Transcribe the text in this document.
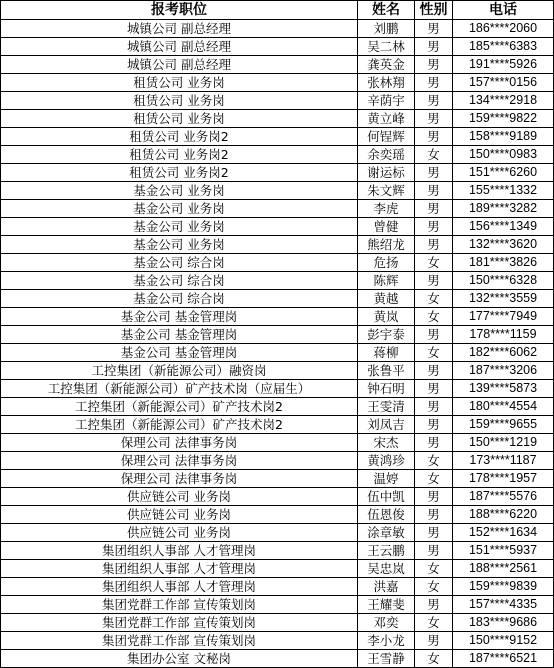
报考职位	姓名	性别	电话
城镇公司 副总经理	刘鹏	男	186****2060
城镇公司 副总经理	吴二林	男	185****6383
城镇公司 副总经理	龚英金	男	191****5926
租赁公司 业务岗	张林翔	男	157****0156
租赁公司 业务岗	辛荫宇	男	134****2918
租赁公司 业务岗	黄立峰	男	159****9822
租赁公司 业务岗2	何锃辉	男	158****9189
租赁公司 业务岗2	余奕瑶	女	150****0983
租赁公司 业务岗2	谢运标	男	151****6260
基金公司 业务岗	朱文辉	男	155****1332
基金公司 业务岗	李虎	男	189****3282
基金公司 业务岗	曾健	男	156****1349
基金公司 业务岗	熊绍龙	男	132****3620
基金公司 综合岗	危扬	女	181****3826
基金公司 综合岗	陈辉	男	150****6328
基金公司 综合岗	黄越	女	132****3559
基金公司 基金管理岗	黄岚	女	177****7949
基金公司 基金管理岗	彭宇泰	男	178****1159
基金公司 基金管理岗	蒋柳	女	182****6062
工控集团（新能源公司）融资岗	张鲁平	男	187****3206
工控集团（新能源公司）矿产技术岗（应届生）	钟石明	男	139****5873
工控集团（新能源公司）矿产技术岗2	王雯清	男	180****4554
工控集团（新能源公司）矿产技术岗2	刘凤吉	男	159****9655
保理公司 法律事务岗	宋杰	男	150****1219
保理公司 法律事务岗	黄鸿珍	女	173****1187
保理公司 法律事务岗	温婷	女	178****1957
供应链公司 业务岗	伍中凯	男	187****5576
供应链公司 业务岗	伍恩俊	男	188****6220
供应链公司 业务岗	涂章敏	男	152****1634
集团组织人事部 人才管理岗	王云鹏	男	151****5937
集团组织人事部 人才管理岗	吴忠岚	女	188****2561
集团组织人事部 人才管理岗	洪嘉	女	159****9839
集团党群工作部 宣传策划岗	王耀斐	男	157****4335
集团党群工作部 宣传策划岗	邓奕	女	183****9686
集团党群工作部 宣传策划岗	李小龙	男	150****9152
集团办公室 文秘岗	王雪静	女	187****6521
